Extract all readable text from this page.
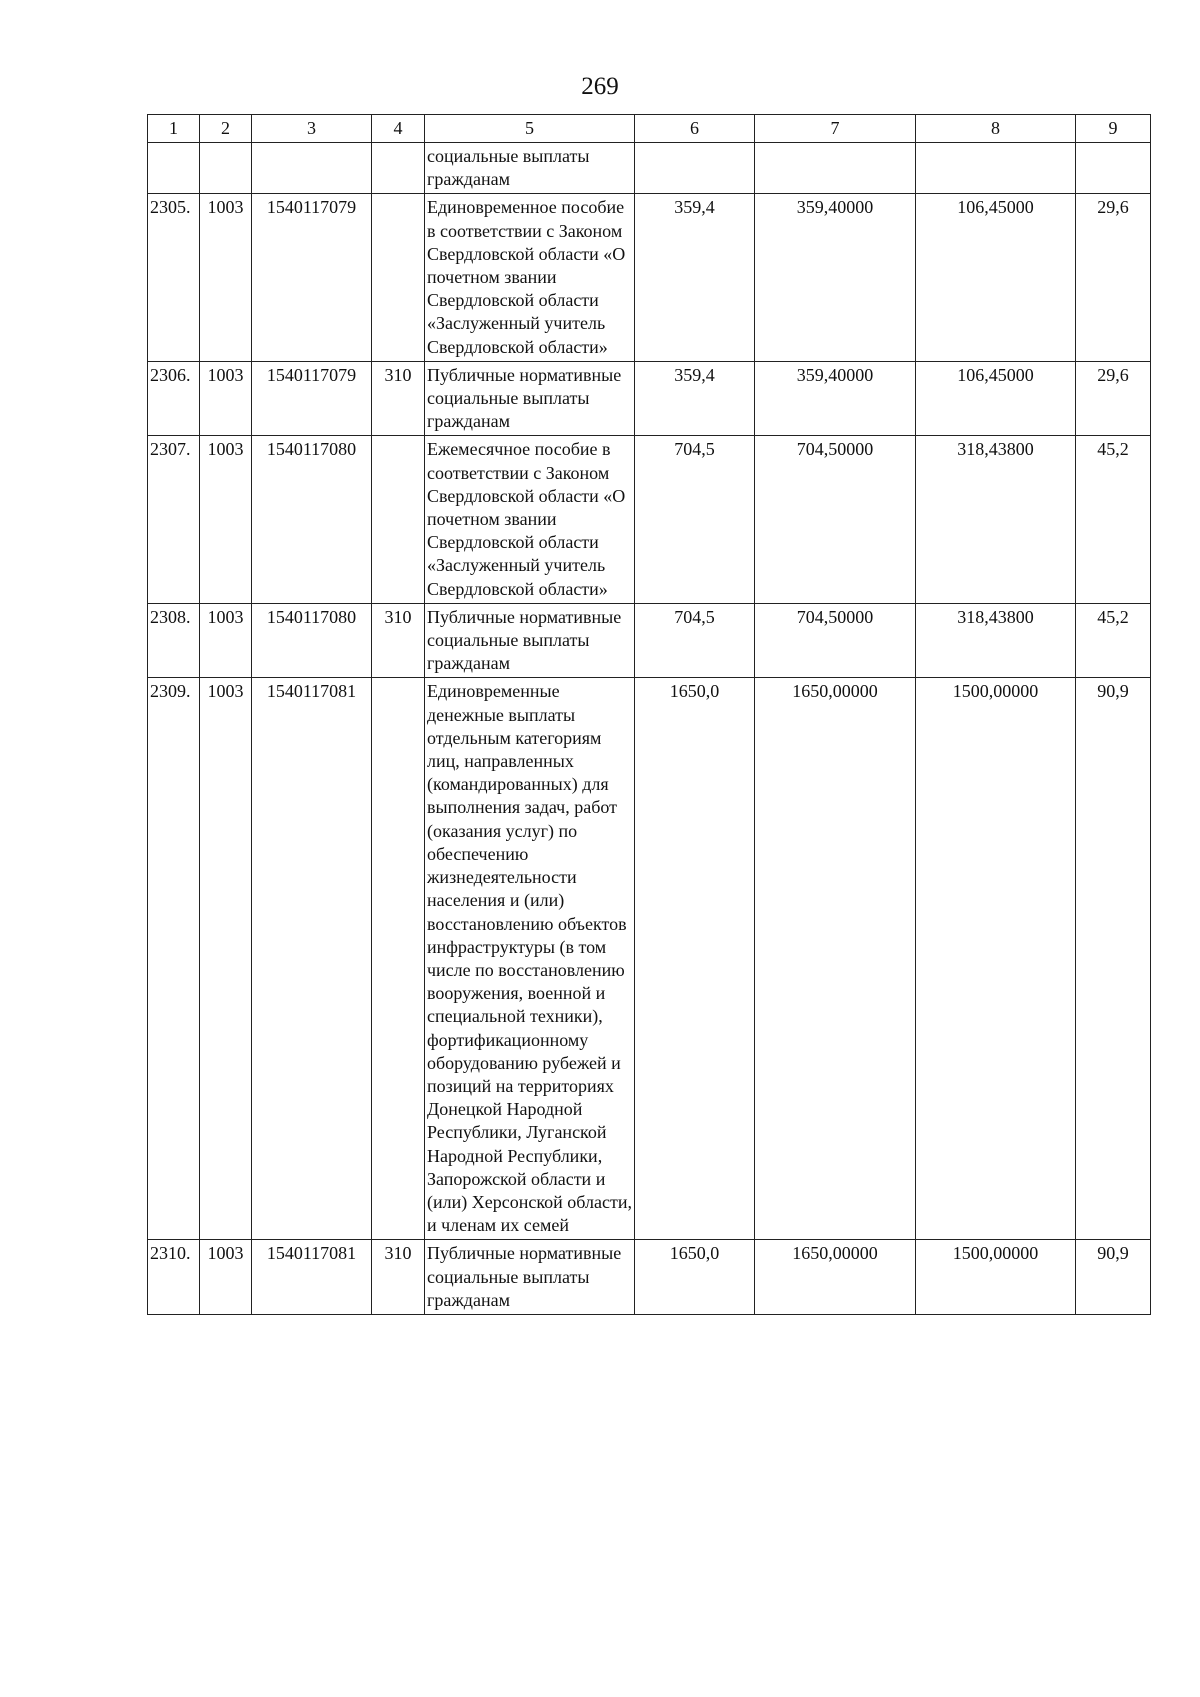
269
1	2	3	4	5	6	7	8	9
				социальные выплаты гражданам				
2305.	1003	1540117079		Единовременное пособие в соответствии с Законом Свердловской области «О почетном звании Свердловской области «Заслуженный учитель Свердловской области»	359,4	359,40000	106,45000	29,6
2306.	1003	1540117079	310	Публичные нормативные социальные выплаты гражданам	359,4	359,40000	106,45000	29,6
2307.	1003	1540117080		Ежемесячное пособие в соответствии с Законом Свердловской области «О почетном звании Свердловской области «Заслуженный учитель Свердловской области»	704,5	704,50000	318,43800	45,2
2308.	1003	1540117080	310	Публичные нормативные социальные выплаты гражданам	704,5	704,50000	318,43800	45,2
2309.	1003	1540117081		Единовременные денежные выплаты отдельным категориям лиц, направленных (командированных) для выполнения задач, работ (оказания услуг) по обеспечению жизнедеятельности населения и (или) восстановлению объектов инфраструктуры (в том числе по восстановлению вооружения, военной и специальной техники), фортификационному оборудованию рубежей и позиций на территориях Донецкой Народной Республики, Луганской Народной Республики, Запорожской области и (или) Херсонской области, и членам их семей	1650,0	1650,00000	1500,00000	90,9
2310.	1003	1540117081	310	Публичные нормативные социальные выплаты гражданам	1650,0	1650,00000	1500,00000	90,9
